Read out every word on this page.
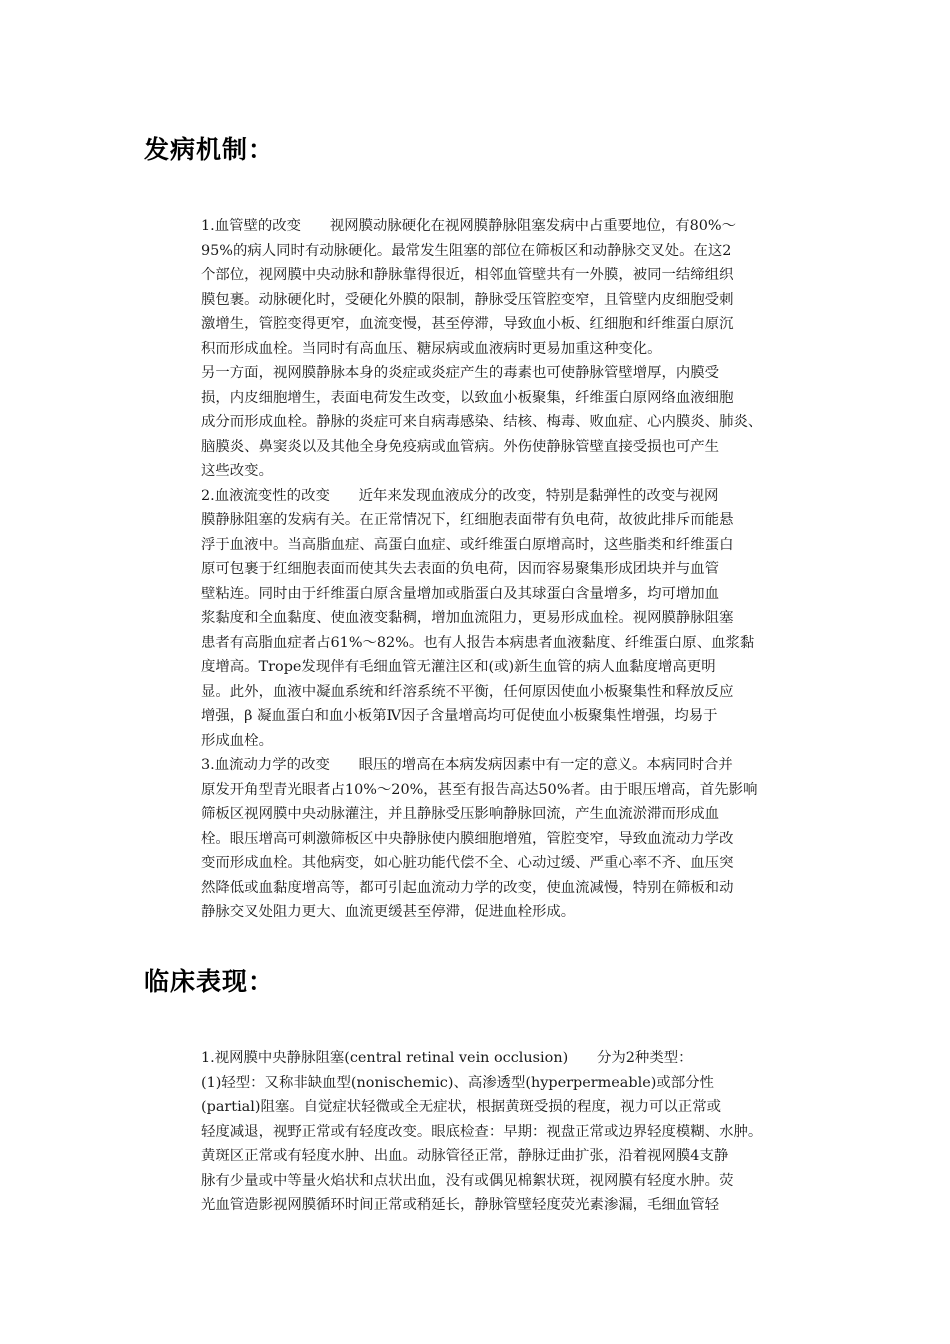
发病机制：
1.血管壁的改变　　视网膜动脉硬化在视网膜静脉阻塞发病中占重要地位，有80%～
95%的病人同时有动脉硬化。最常发生阻塞的部位在筛板区和动静脉交叉处。在这2
个部位，视网膜中央动脉和静脉靠得很近，相邻血管壁共有一外膜，被同一结缔组织
膜包裹。动脉硬化时，受硬化外膜的限制，静脉受压管腔变窄，且管壁内皮细胞受刺
激增生，管腔变得更窄，血流变慢，甚至停滞，导致血小板、红细胞和纤维蛋白原沉
积而形成血栓。当同时有高血压、糖尿病或血液病时更易加重这种变化。
另一方面，视网膜静脉本身的炎症或炎症产生的毒素也可使静脉管壁增厚，内膜受
损，内皮细胞增生，表面电荷发生改变，以致血小板聚集，纤维蛋白原网络血液细胞
成分而形成血栓。静脉的炎症可来自病毒感染、结核、梅毒、败血症、心内膜炎、肺炎、
脑膜炎、鼻窦炎以及其他全身免疫病或血管病。外伤使静脉管壁直接受损也可产生
这些改变。
2.血液流变性的改变　　近年来发现血液成分的改变，特别是黏弹性的改变与视网
膜静脉阻塞的发病有关。在正常情况下，红细胞表面带有负电荷，故彼此排斥而能悬
浮于血液中。当高脂血症、高蛋白血症、或纤维蛋白原增高时，这些脂类和纤维蛋白
原可包裹于红细胞表面而使其失去表面的负电荷，因而容易聚集形成团块并与血管
壁粘连。同时由于纤维蛋白原含量增加或脂蛋白及其球蛋白含量增多，均可增加血
浆黏度和全血黏度、使血液变黏稠，增加血流阻力，更易形成血栓。视网膜静脉阻塞
患者有高脂血症者占61%～82%。也有人报告本病患者血液黏度、纤维蛋白原、血浆黏
度增高。Trope发现伴有毛细血管无灌注区和(或)新生血管的病人血黏度增高更明
显。此外，血液中凝血系统和纤溶系统不平衡，任何原因使血小板聚集性和释放反应
增强，β 凝血蛋白和血小板第Ⅳ因子含量增高均可促使血小板聚集性增强，均易于
形成血栓。
3.血流动力学的改变　　眼压的增高在本病发病因素中有一定的意义。本病同时合并
原发开角型青光眼者占10%～20%，甚至有报告高达50%者。由于眼压增高，首先影响
筛板区视网膜中央动脉灌注，并且静脉受压影响静脉回流，产生血流淤滞而形成血
栓。眼压增高可刺激筛板区中央静脉使内膜细胞增殖，管腔变窄，导致血流动力学改
变而形成血栓。其他病变，如心脏功能代偿不全、心动过缓、严重心率不齐、血压突
然降低或血黏度增高等，都可引起血流动力学的改变，使血流减慢，特别在筛板和动
静脉交叉处阻力更大、血流更缓甚至停滞，促进血栓形成。
临床表现：
1.视网膜中央静脉阻塞(central retinal vein occlusion)　　分为2种类型：
(1)轻型：又称非缺血型(nonischemic)、高渗透型(hyperpermeable)或部分性
(partial)阻塞。自觉症状轻微或全无症状，根据黄斑受损的程度，视力可以正常或
轻度减退，视野正常或有轻度改变。眼底检查：早期：视盘正常或边界轻度模糊、水肿。
黄斑区正常或有轻度水肿、出血。动脉管径正常，静脉迂曲扩张，沿着视网膜4支静
脉有少量或中等量火焰状和点状出血，没有或偶见棉絮状斑，视网膜有轻度水肿。荧
光血管造影视网膜循环时间正常或稍延长，静脉管壁轻度荧光素渗漏，毛细血管轻
